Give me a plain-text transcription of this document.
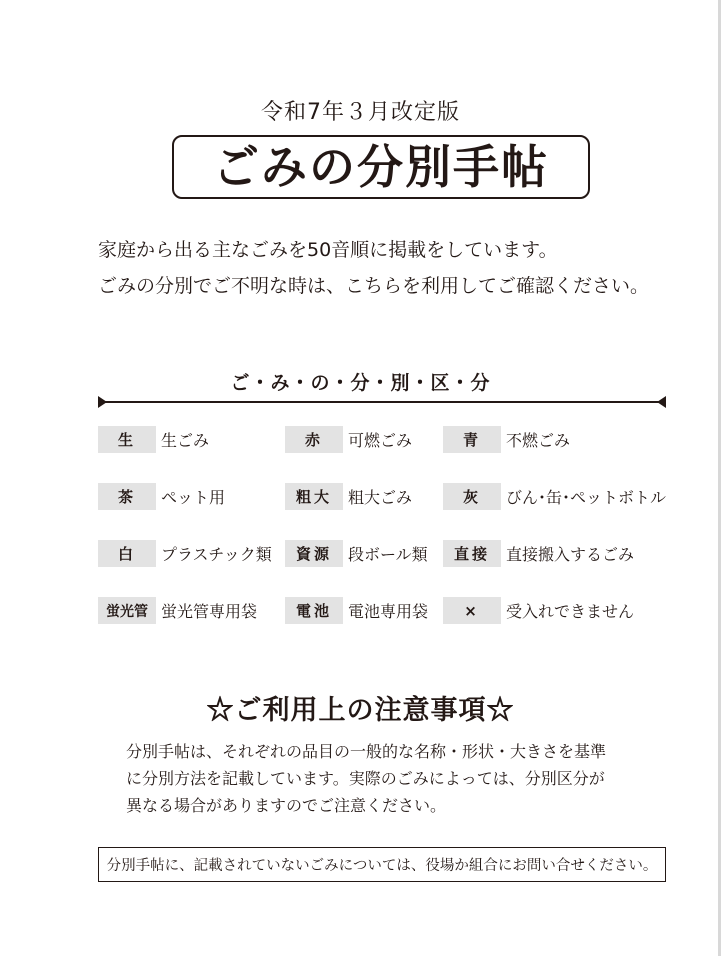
令和7年３月改定版
ごみの分別手帖
家庭から出る主なごみを50音順に掲載をしています。
ごみの分別でご不明な時は、こちらを利用してご確認ください。
ご・み・の・分・別・区・分
生	生ごみ	赤	可燃ごみ	青	不燃ごみ
茶	ペット用	粗大	粗大ごみ	灰	びん･缶･ペットボトル
白	プラスチック類	資源	段ボール類	直接	直接搬入するごみ
蛍光管 蛍光管専用袋	電池	電池専用袋	×	受入れできません
☆ご利用上の注意事項☆
分別手帖は、それぞれの品目の一般的な名称・形状・大きさを基準
に分別方法を記載しています。実際のごみによっては、分別区分が
異なる場合がありますのでご注意ください。
分別手帖に、記載されていないごみについては、役場か組合にお問い合せください。
